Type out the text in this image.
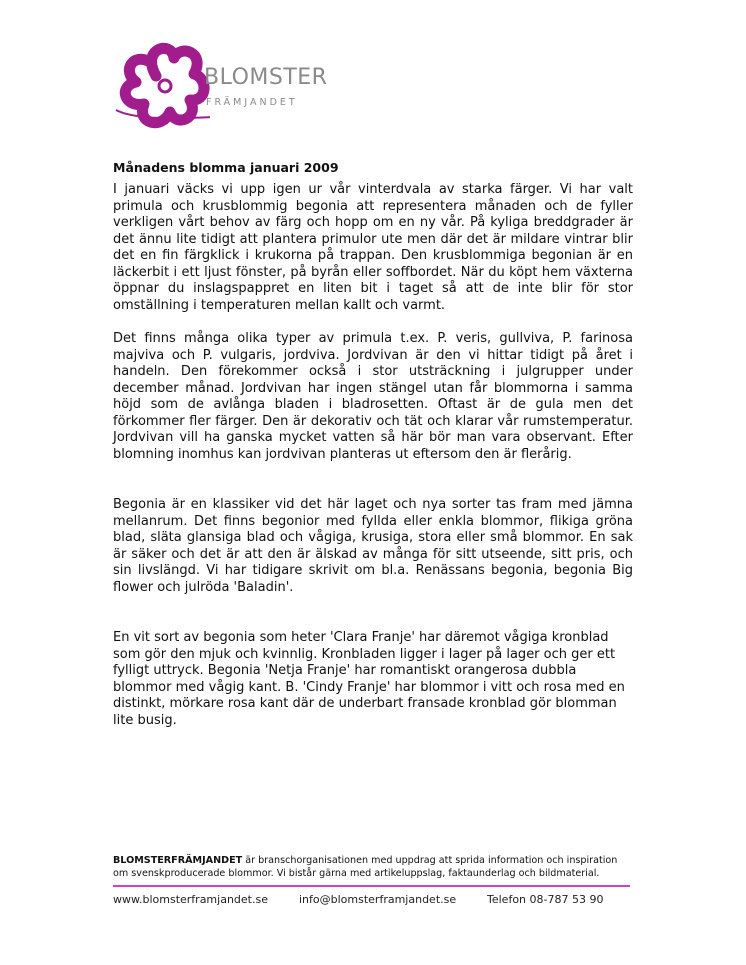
BLOMSTER
FRÄMJANDET
Månadens blomma januari 2009

I januari väcks vi upp igen ur vår vinterdvala av starka färger. Vi har valt primula och krusblommig begonia att representera månaden och de fyller verkligen vårt behov av färg och hopp om en ny vår. På kyliga breddgrader är det ännu lite tidigt att plantera primulor ute men där det är mildare vintrar blir det en fin färgklick i krukorna på trappan. Den krusblommiga begonian är en läckerbit i ett ljust fönster, på byrån eller soffbordet. När du köpt hem växterna öppnar du inslagspappret en liten bit i taget så att de inte blir för stor omställning i temperaturen mellan kallt och varmt.

Det finns många olika typer av primula t.ex. P. veris, gullviva, P. farinosa majviva och P. vulgaris, jordviva. Jordvivan är den vi hittar tidigt på året i handeln. Den förekommer också i stor utsträckning i julgrupper under december månad. Jordvivan har ingen stängel utan får blommorna i samma höjd som de avlånga bladen i bladrosetten. Oftast är de gula men det förkommer fler färger. Den är dekorativ och tät och klarar vår rumstemperatur. Jordvivan vill ha ganska mycket vatten så här bör man vara observant. Efter blomning inomhus kan jordvivan planteras ut eftersom den är flerårig.

Begonia är en klassiker vid det här laget och nya sorter tas fram med jämna mellanrum. Det finns begonior med fyllda eller enkla blommor, flikiga gröna blad, släta glansiga blad och vågiga, krusiga, stora eller små blommor. En sak är säker och det är att den är älskad av många för sitt utseende, sitt pris, och sin livslängd. Vi har tidigare skrivit om bl.a. Renässans begonia, begonia Big flower och julröda 'Baladin'.

En vit sort av begonia som heter 'Clara Franje' har däremot vågiga kronblad som gör den mjuk och kvinnlig. Kronbladen ligger i lager på lager och ger ett fylligt uttryck. Begonia 'Netja Franje' har romantiskt orangerosa dubbla blommor med vågig kant. B. 'Cindy Franje' har blommor i vitt och rosa med en distinkt, mörkare rosa kant där de underbart fransade kronblad gör blomman lite busig.

BLOMSTERFRÄMJANDET är branschorganisationen med uppdrag att sprida information och inspiration om svenskproducerade blommor. Vi bistår gärna med artikeluppslag, faktaunderlag och bildmaterial.

www.blomsterframjandet.se	info@blomsterframjandet.se	Telefon 08-787 53 90
